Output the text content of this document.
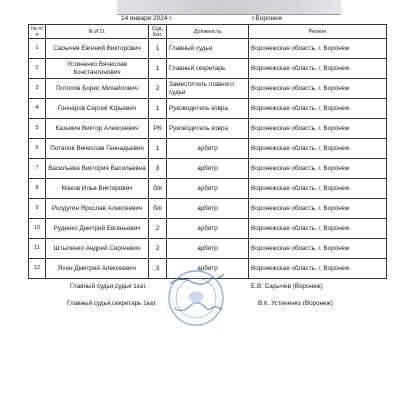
14 января 2024 г.	г.Воронеж
№ п/п	Ф.И.О.	Суд. Кат.	Должность	Регион
1	Сарычев Евгений Викторович	1	Главный судья	Воронежская область, г. Воронеж
2	Устиненко Вячеслав Константинович	1	Главный секретарь	Воронежская область, г. Воронеж
3	Потопов Борис Михайлович	2	Заместитель главного судьи	Воронежская область, г. Воронеж
4	Гончаров Сергей Юрьевич	1	Руководитель ковра	Воронежская область, г. Воронеж
5	Казьмин Виктор Алексеевич	РК	Руководитель ковра	Воронежская область, г. Воронеж
6	Потапов Вячеслав Геннадьевич	1	арбитр	Воронежская область, г. Воронеж
7	Васильева Виктория Васильевна	3	арбитр	Воронежская область, г. Воронеж
8	Маков Илья Викторович	б/к	арбитр	Воронежская область, г. Воронеж
9	Ролдугин Ярослав Алексеевич	б/к	арбитр	Воронежская область, г. Воронеж
10	Руденко Дмитрий Евгеньевич	2	арбитр	Воронежская область, г. Воронеж
11	Штыленко Андрей Сергеевич	2	арбитр	Воронежская область, г. Воронеж
12	Яхин Дмитрий Алексеевич	3	арбитр	Воронежская область, г. Воронеж
Главный судья,судья 1кат.	Е.В. Сарычев (Воронеж)
Главный судья,секретарь 1кат.	В.К. Устиненко (Воронеж)
